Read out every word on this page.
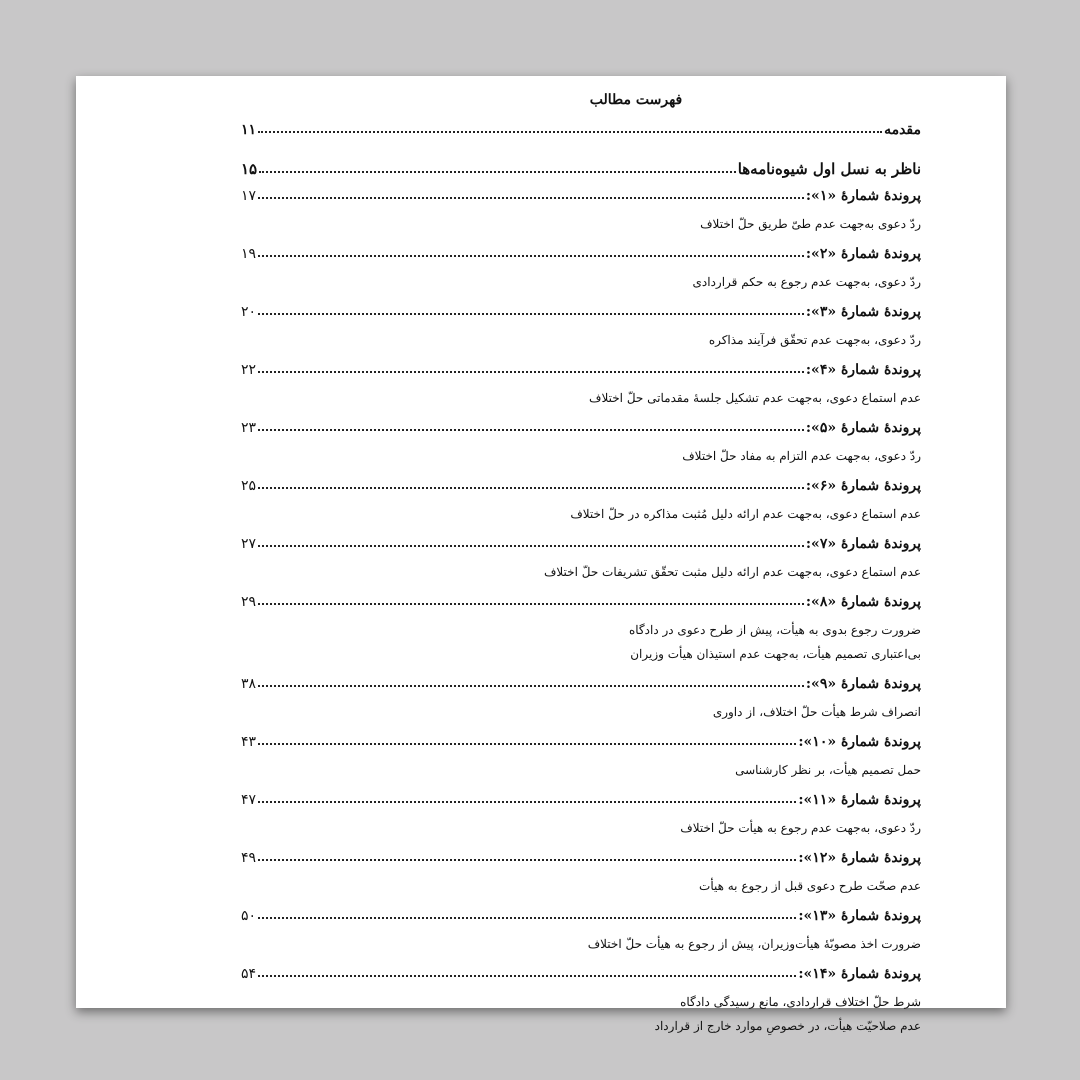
فهرست مطالب
مقدمه
۱۱
ناظر به نسل اول شیوه‌نامه‌ها
۱۵
پروندۀ شمارۀ «۱»:
۱۷
ردّ دعوی به‌جهت عدم طیّ طریق حلّ اختلاف
پروندۀ شمارۀ «۲»:
۱۹
ردّ دعوی، به‌جهت عدم رجوع به حکم قراردادی
پروندۀ شمارۀ «۳»:
۲۰
ردّ دعوی، به‌جهت عدم تحقّق فرآیند مذاکره
پروندۀ شمارۀ «۴»:
۲۲
عدم استماع دعوی، به‌جهت عدم تشکیل جلسۀ مقدماتی حلّ اختلاف
پروندۀ شمارۀ «۵»:
۲۳
ردّ دعوی، به‌جهت عدم التزام به مفاد حلّ اختلاف
پروندۀ شمارۀ «۶»:
۲۵
عدم استماع دعوی، به‌جهت عدم ارائه دلیل مُثبت مذاکره در حلّ اختلاف
پروندۀ شمارۀ «۷»:
۲۷
عدم استماع دعوی، به‌جهت عدم ارائه دلیل مثبت تحقّق تشریفات حلّ اختلاف
پروندۀ شمارۀ «۸»:
۲۹
ضرورت رجوع بدوی به هیأت، پیش از طرح دعوی در دادگاه
بی‌اعتباری تصمیم هیأت، به‌جهت عدم استیذان هیأت وزیران
پروندۀ شمارۀ «۹»:
۳۸
انصراف شرط هیأت حلّ اختلاف، از داوری
پروندۀ شمارۀ «۱۰»:
۴۳
حمل تصمیم هیأت، بر نظر کارشناسی
پروندۀ شمارۀ «۱۱»:
۴۷
ردّ دعوی، به‌جهت عدم رجوع به هیأت حلّ اختلاف
پروندۀ شمارۀ «۱۲»:
۴۹
عدم صحّت طرح دعوی قبل از رجوع به هیأت
پروندۀ شمارۀ «۱۳»:
۵۰
ضرورت اخذ مصوبّۀ هیأت‌وزیران، پیش از رجوع به هیأت حلّ اختلاف
پروندۀ شمارۀ «۱۴»:
۵۴
شرط حلّ اختلاف قراردادی، مانع رسیدگی دادگاه
عدم صلاحیّت هیأت، در خصوصِ موارد خارج از قرارداد
